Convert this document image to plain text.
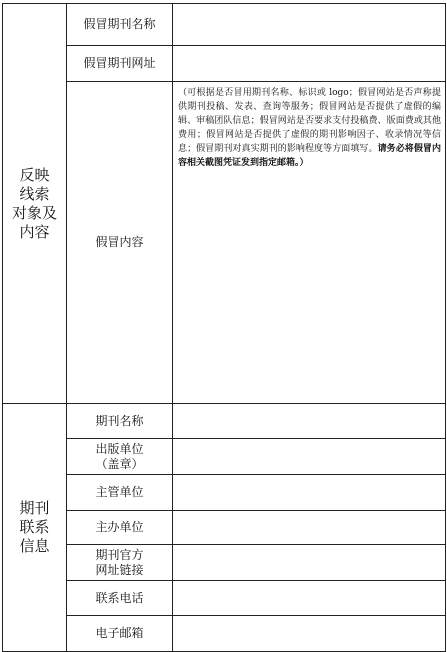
反映
线索
对象及
内容	假冒期刊名称	

	假冒期刊网址	

	假冒内容	（可根据是否冒用期刊名称、标识或 logo；假冒网站是否声称提供期刊投稿、发表、查询等服务；假冒网站是否提供了虚假的编辑、审稿团队信息；假冒网站是否要求支付投稿费、版面费或其他费用；假冒网站是否提供了虚假的期刊影响因子、收录情况等信息；假冒期刊对真实期刊的影响程度等方面填写。请务必将假冒内容相关截图凭证发到指定邮箱。）

期刊
联系
信息	期刊名称	

	出版单位
（盖章）	

	主管单位	

	主办单位	

	期刊官方
网址链接	

	联系电话	

	电子邮箱	
